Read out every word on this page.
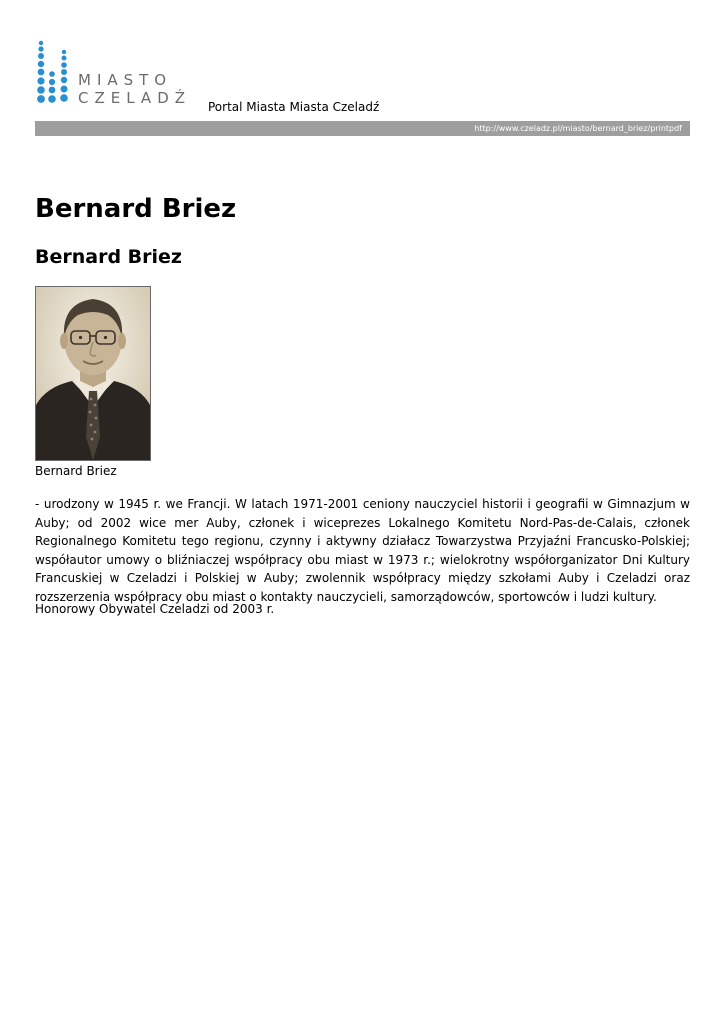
MIASTO
CZELADŹ Portal Miasta Miasta Czeladź
http://www.czeladz.pl/miasto/bernard_briez/printpdf
Bernard Briez
Bernard Briez
Bernard Briez

- urodzony w 1945 r. we Francji. W latach 1971-2001 ceniony nauczyciel historii i geografii w Gimnazjum w Auby; od 2002 wice mer Auby, członek i wiceprezes Lokalnego Komitetu Nord-Pas-de-Calais, członek Regionalnego Komitetu tego regionu, czynny i aktywny działacz Towarzystwa Przyjaźni Francusko-Polskiej; współautor umowy o bliźniaczej współpracy obu miast w 1973 r.; wielokrotny współorganizator Dni Kultury Francuskiej w Czeladzi i Polskiej w Auby; zwolennik współpracy między szkołami Auby i Czeladzi oraz rozszerzenia współpracy obu miast o kontakty nauczycieli, samorządowców, sportowców i ludzi kultury.

Honorowy Obywatel Czeladzi od 2003 r.
